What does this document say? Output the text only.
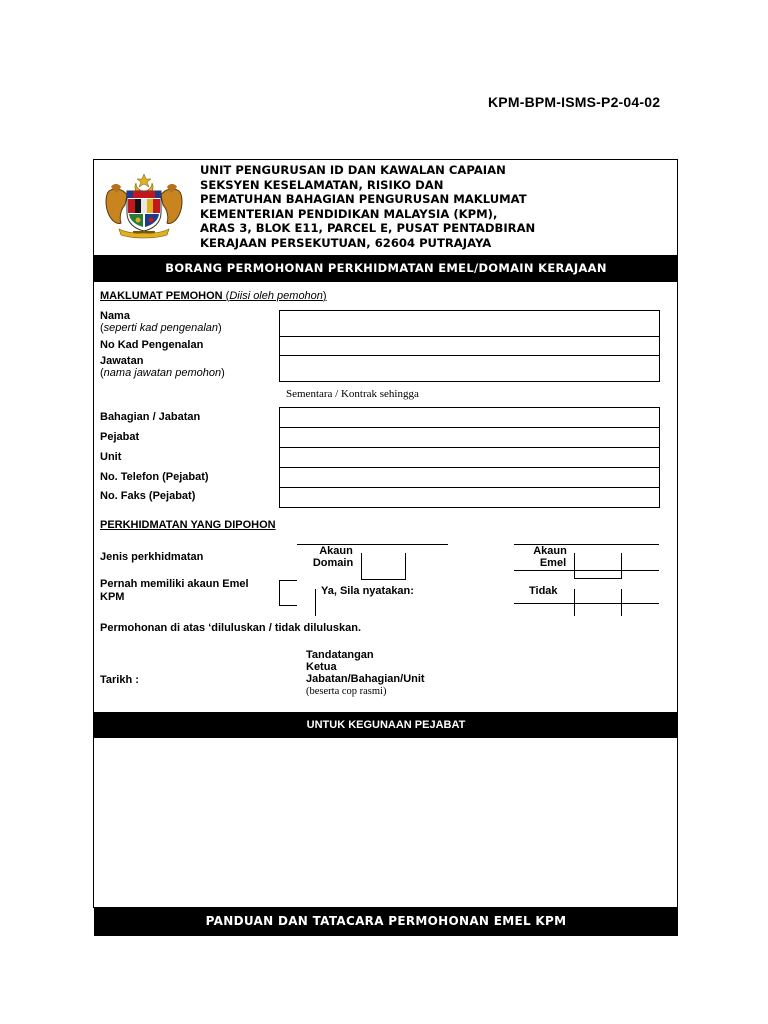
KPM-BPM-ISMS-P2-04-02
UNIT PENGURUSAN ID DAN KAWALAN CAPAIAN
SEKSYEN KESELAMATAN, RISIKO DAN
PEMATUHAN BAHAGIAN PENGURUSAN MAKLUMAT
KEMENTERIAN PENDIDIKAN MALAYSIA (KPM),
ARAS 3, BLOK E11, PARCEL E, PUSAT PENTADBIRAN
KERAJAAN PERSEKUTUAN, 62604 PUTRAJAYA
BORANG PERMOHONAN PERKHIDMATAN EMEL/DOMAIN KERAJAAN
MAKLUMAT PEMOHON (Diisi oleh pemohon)
Nama
(seperti kad pengenalan)
No Kad Pengenalan
Jawatan
(nama jawatan pemohon)
Sementara / Kontrak sehingga
Bahagian / Jabatan
Pejabat
Unit
No. Telefon (Pejabat)
No. Faks (Pejabat)
PERKHIDMATAN YANG DIPOHON
Jenis perkhidmatan	Akaun
Domain
Akaun
Emel
Pernah memiliki akaun Emel
KPM	Ya, Sila nyatakan:	Tidak
Permohonan di atas ‘diluluskan / tidak diluluskan.
Tandatangan
Ketua
Jabatan/Bahagian/Unit
(beserta cop rasmi)
Tarikh :
UNTUK KEGUNAAN PEJABAT
PANDUAN DAN TATACARA PERMOHONAN EMEL KPM
